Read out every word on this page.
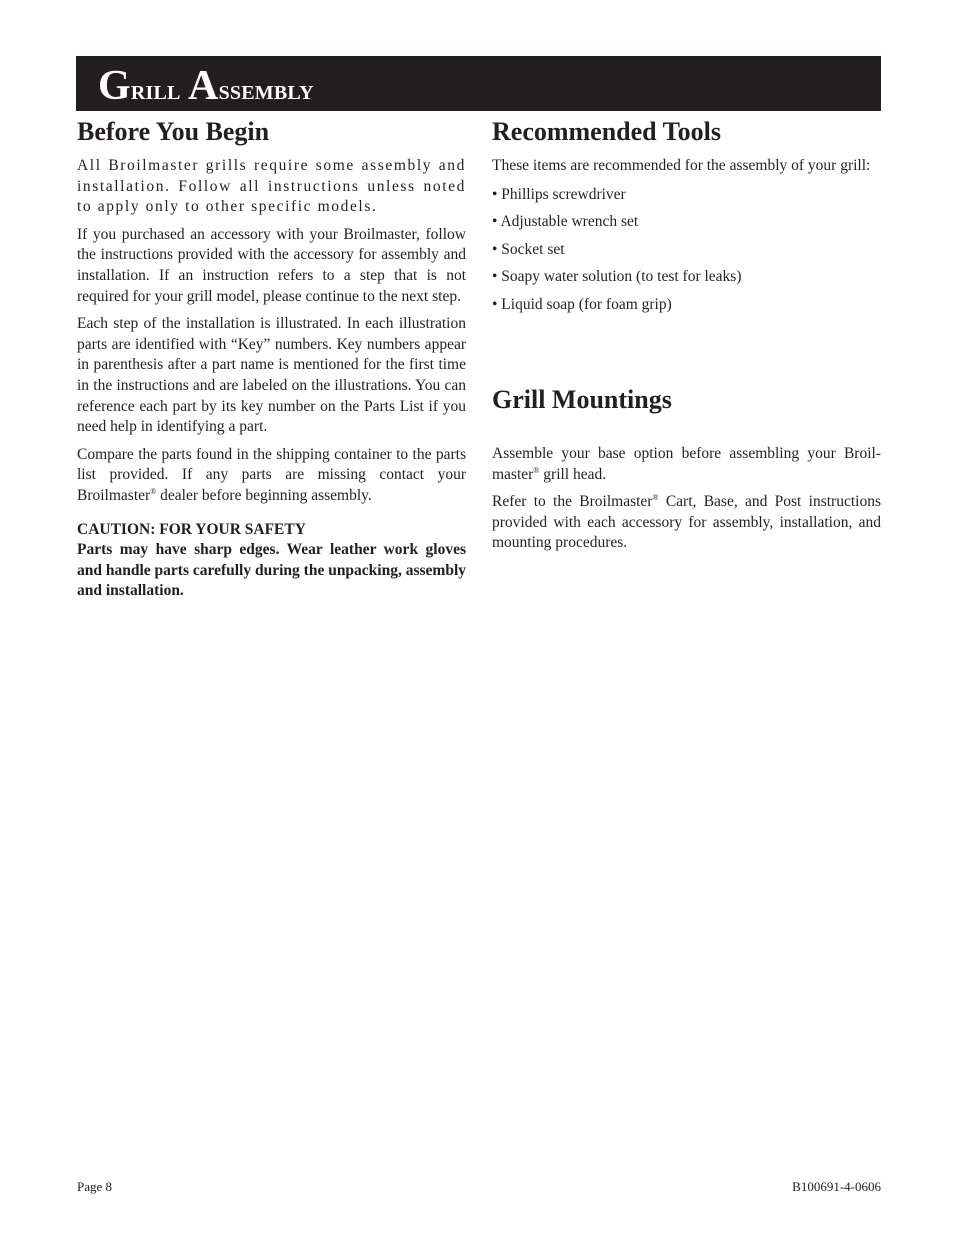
Grill Assembly
Before You Begin

All Broilmaster grills require some assembly and installation. Follow all instructions unless noted to apply only to other specific models.

If you purchased an accessory with your Broilmaster, follow the instructions provided with the accessory for assembly and installation. If an instruction refers to a step that is not required for your grill model, please continue to the next step.

Each step of the installation is illustrated. In each illustration parts are identified with “Key” numbers. Key numbers appear in parenthesis after a part name is mentioned for the first time in the instructions and are labeled on the illustrations. You can reference each part by its key number on the Parts List if you need help in identifying a part.

Compare the parts found in the shipping container to the parts list provided. If any parts are missing contact your Broilmaster® dealer before beginning assembly.

CAUTION: FOR YOUR SAFETY

Parts may have sharp edges. Wear leather work gloves and handle parts carefully during the unpacking, assembly and installation.

Recommended Tools

These items are recommended for the assembly of your grill:

• Phillips screwdriver
• Adjustable wrench set
• Socket set
• Soapy water solution (to test for leaks)
• Liquid soap (for foam grip)
Grill Mountings

Assemble your base option before assembling your Broil-master® grill head.

Refer to the Broilmaster® Cart, Base, and Post instructions provided with each accessory for assembly, installation, and mounting procedures.

Page 8	B100691-4-0606
